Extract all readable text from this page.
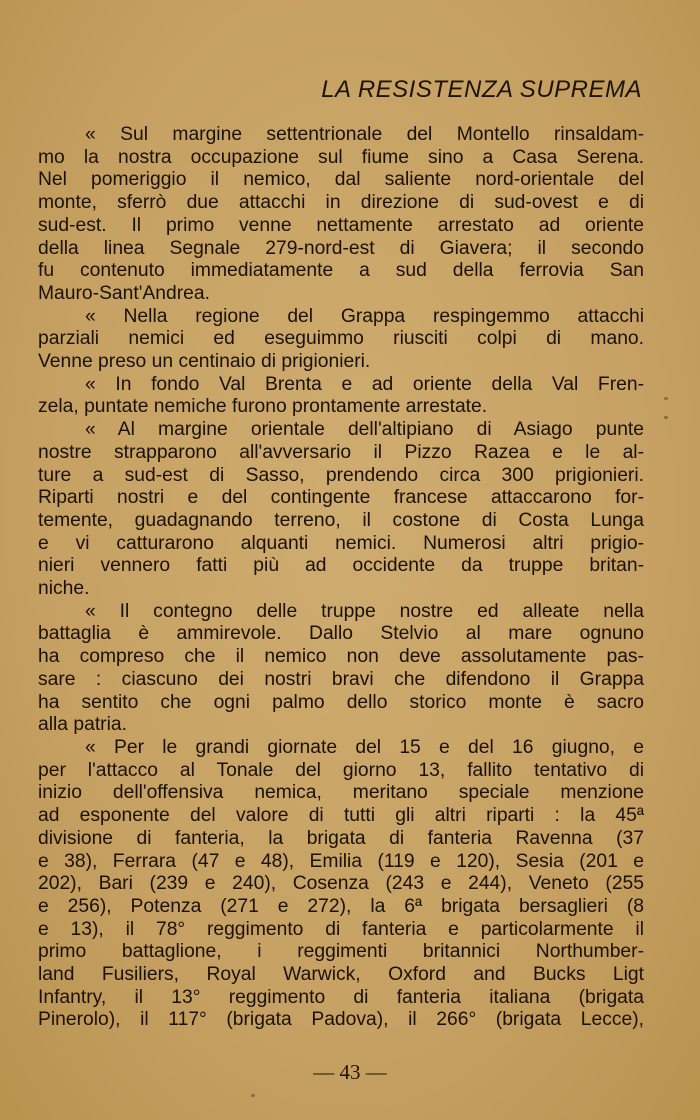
LA RESISTENZA SUPREMA
« Sul margine settentrionale del Montello rinsaldam-
mo la nostra occupazione sul fiume sino a Casa Serena.
Nel pomeriggio il nemico, dal saliente nord-orientale del
monte, sferrò due attacchi in direzione di sud-ovest e di
sud-est. Il primo venne nettamente arrestato ad oriente
della linea Segnale 279-nord-est di Giavera; il secondo
fu contenuto immediatamente a sud della ferrovia San
Mauro-Sant'Andrea.
« Nella regione del Grappa respingemmo attacchi
parziali nemici ed eseguimmo riusciti colpi di mano.
Venne preso un centinaio di prigionieri.
« In fondo Val Brenta e ad oriente della Val Fren-
zela, puntate nemiche furono prontamente arrestate.
« Al margine orientale dell'altipiano di Asiago punte
nostre strapparono all'avversario il Pizzo Razea e le al-
ture a sud-est di Sasso, prendendo circa 300 prigionieri.
Riparti nostri e del contingente francese attaccarono for-
temente, guadagnando terreno, il costone di Costa Lunga
e vi catturarono alquanti nemici. Numerosi altri prigio-
nieri vennero fatti più ad occidente da truppe britan-
niche.
« Il contegno delle truppe nostre ed alleate nella
battaglia è ammirevole. Dallo Stelvio al mare ognuno
ha compreso che il nemico non deve assolutamente pas-
sare : ciascuno dei nostri bravi che difendono il Grappa
ha sentito che ogni palmo dello storico monte è sacro
alla patria.
« Per le grandi giornate del 15 e del 16 giugno, e
per l'attacco al Tonale del giorno 13, fallito tentativo di
inizio dell'offensiva nemica, meritano speciale menzione
ad esponente del valore di tutti gli altri riparti : la 45ª
divisione di fanteria, la brigata di fanteria Ravenna (37
e 38), Ferrara (47 e 48), Emilia (119 e 120), Sesia (201 e
202), Bari (239 e 240), Cosenza (243 e 244), Veneto (255
e 256), Potenza (271 e 272), la 6ª brigata bersaglieri (8
e 13), il 78° reggimento di fanteria e particolarmente il
primo battaglione, i reggimenti britannici Northumber-
land Fusiliers, Royal Warwick, Oxford and Bucks Ligt
Infantry, il 13° reggimento di fanteria italiana (brigata
Pinerolo), il 117° (brigata Padova), il 266° (brigata Lecce),
— 43 —
